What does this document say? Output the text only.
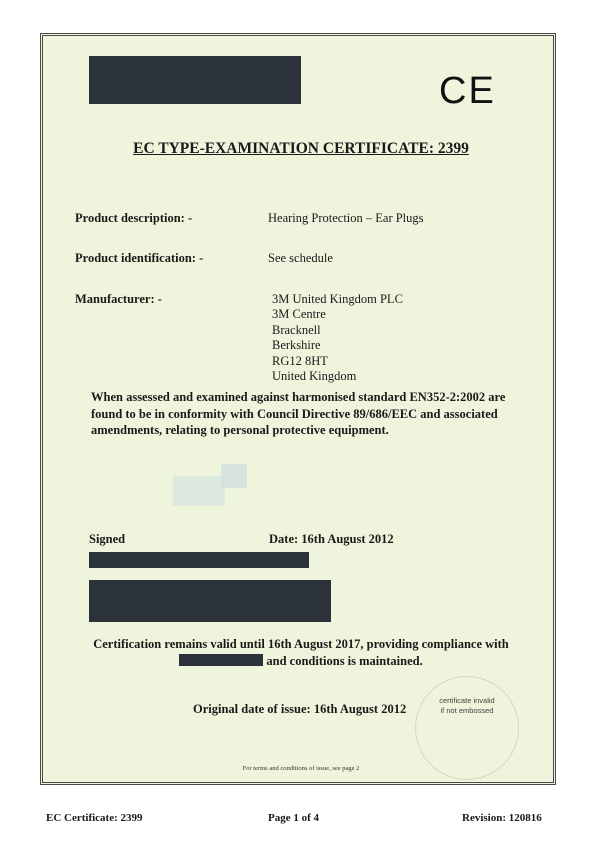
CE
EC TYPE-EXAMINATION CERTIFICATE: 2399
Product description: -	Hearing Protection – Ear Plugs
Product identification: -	See schedule
Manufacturer: -	3M United Kingdom PLC
3M Centre
Bracknell
Berkshire
RG12 8HT
United Kingdom
When assessed and examined against harmonised standard EN352-2:2002 are
found to be in conformity with Council Directive 89/686/EEC and associated
amendments, relating to personal protective equipment.
Signed	Date: 16th August 2012
Certification remains valid until 16th August 2017, providing compliance with
and conditions is maintained.
Original date of issue: 16th August 2012
certificate invalid
if not embossed
For terms and conditions of issue, see page 2
EC Certificate: 2399	Page 1 of 4	Revision: 120816
